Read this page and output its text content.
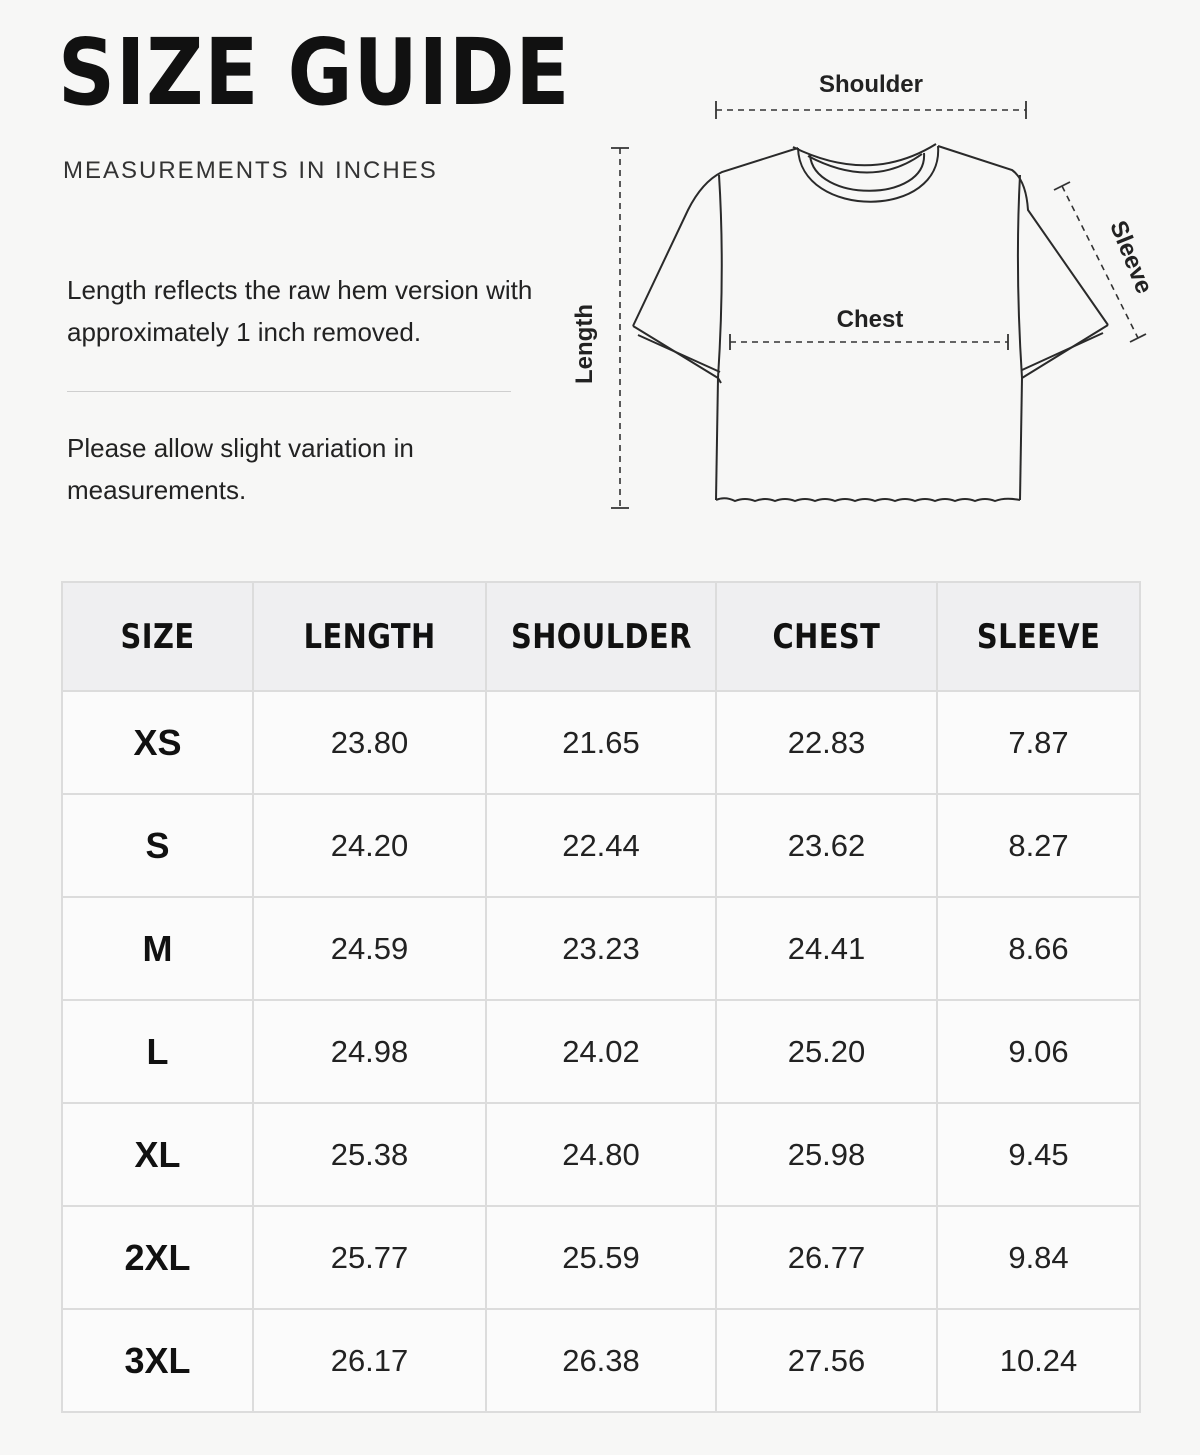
SIZE GUIDE
MEASUREMENTS IN INCHES
Length reflects the raw hem version with approximately 1 inch removed.
Please allow slight variation in measurements.
Shoulder
Chest
Length
Sleeve
SIZE	LENGTH	SHOULDER	CHEST	SLEEVE
XS	23.80	21.65	22.83	7.87
S	24.20	22.44	23.62	8.27
M	24.59	23.23	24.41	8.66
L	24.98	24.02	25.20	9.06
XL	25.38	24.80	25.98	9.45
2XL	25.77	25.59	26.77	9.84
3XL	26.17	26.38	27.56	10.24
